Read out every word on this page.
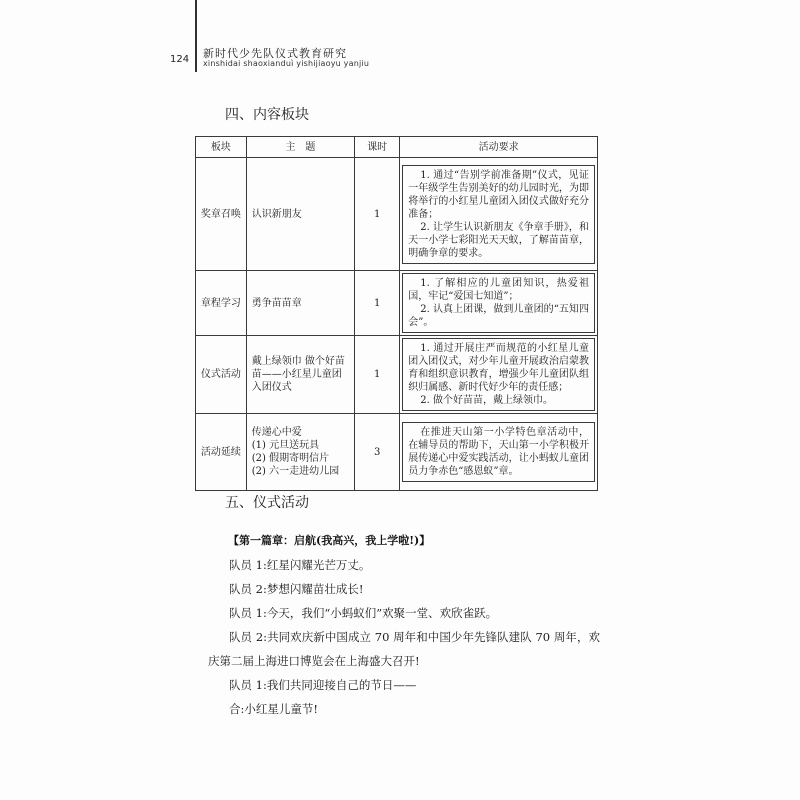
124 新时代少先队仪式教育研究
xinshidai shaoxianduì yishijiaoyu yanjiu
四、内容板块
板块	主　题	课时	活动要求
奖章召唤	认识新朋友	1	1. 通过“告别学前准备期”仪式，见证一年级学生告别美好的幼儿园时光，为即将举行的小红星儿童团入团仪式做好充分准备；

2. 让学生认识新朋友《争章手册》，和天一小学七彩阳光天天蚁，了解苗苗章，明确争章的要求。

章程学习	勇争苗苗章	1	1. 了解相应的儿童团知识，热爱祖国，牢记“爱国七知道”；

2. 认真上团课，做到儿童团的“五知四会”。

仪式活动	戴上绿领巾 做个好苗苗——小红星儿童团入团仪式	1	1. 通过开展庄严而规范的小红星儿童团入团仪式，对少年儿童开展政治启蒙教育和组织意识教育，增强少年儿童团队组织归属感、新时代好少年的责任感；

2. 做个好苗苗，戴上绿领巾。

活动延续	传递心中爱
(1) 元旦送玩具
(2) 假期寄明信片
(2) 六一走进幼儿园	3	在推进天山第一小学特色章活动中，在辅导员的帮助下，天山第一小学积极开展传递心中爱实践活动，让小蚂蚁儿童团员力争赤色“感恩蚁”章。

五、仪式活动
【第一篇章：启航(我高兴，我上学啦!)】

队员 1:红星闪耀光芒万丈。

队员 2:梦想闪耀苗壮成长!

队员 1:今天，我们“小蚂蚁们”欢聚一堂、欢欣雀跃。

队员 2:共同欢庆新中国成立 70 周年和中国少年先锋队建队 70 周年，欢庆第二届上海进口博览会在上海盛大召开!

队员 1:我们共同迎接自己的节日——

合:小红星儿童节!
